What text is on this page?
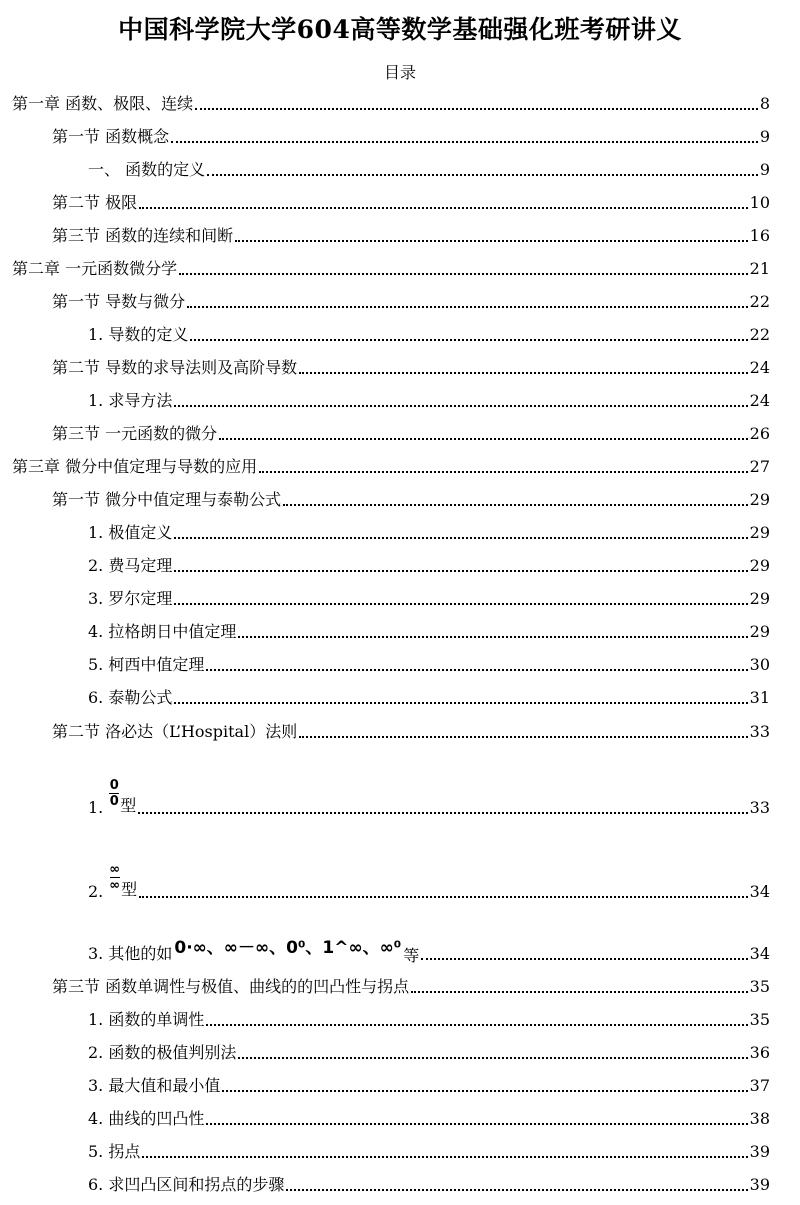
中国科学院大学604高等数学基础强化班考研讲义
目录
第一章 函数、极限、连续	8
第一节 函数概念	9
一、 函数的定义	9
第二节 极限	10
第三节 函数的连续和间断	16
第二章 一元函数微分学	21
第一节 导数与微分	22
1. 导数的定义	22
第二节 导数的求导法则及高阶导数	24
1. 求导方法	24
第三节 一元函数的微分	26
第三章 微分中值定理与导数的应用	27
第一节 微分中值定理与泰勒公式	29
1. 极值定义	29
2. 费马定理	29
3. 罗尔定理	29
4. 拉格朗日中值定理	29
5. 柯西中值定理	30
6. 泰勒公式	31
第二节 洛必达（L’Hospital）法则	33
1. $\frac{0}{0}$ 型	33
2. $\frac{\infty}{\infty}$ 型	34
3. 其他的如 0·∞、∞－∞、0⁰、1^∞、∞⁰ 等	34
第三节 函数单调性与极值、曲线的的凹凸性与拐点	35
1. 函数的单调性	35
2. 函数的极值判别法	36
3. 最大值和最小值	37
4. 曲线的凹凸性	38
5. 拐点	39
6. 求凹凸区间和拐点的步骤	39
